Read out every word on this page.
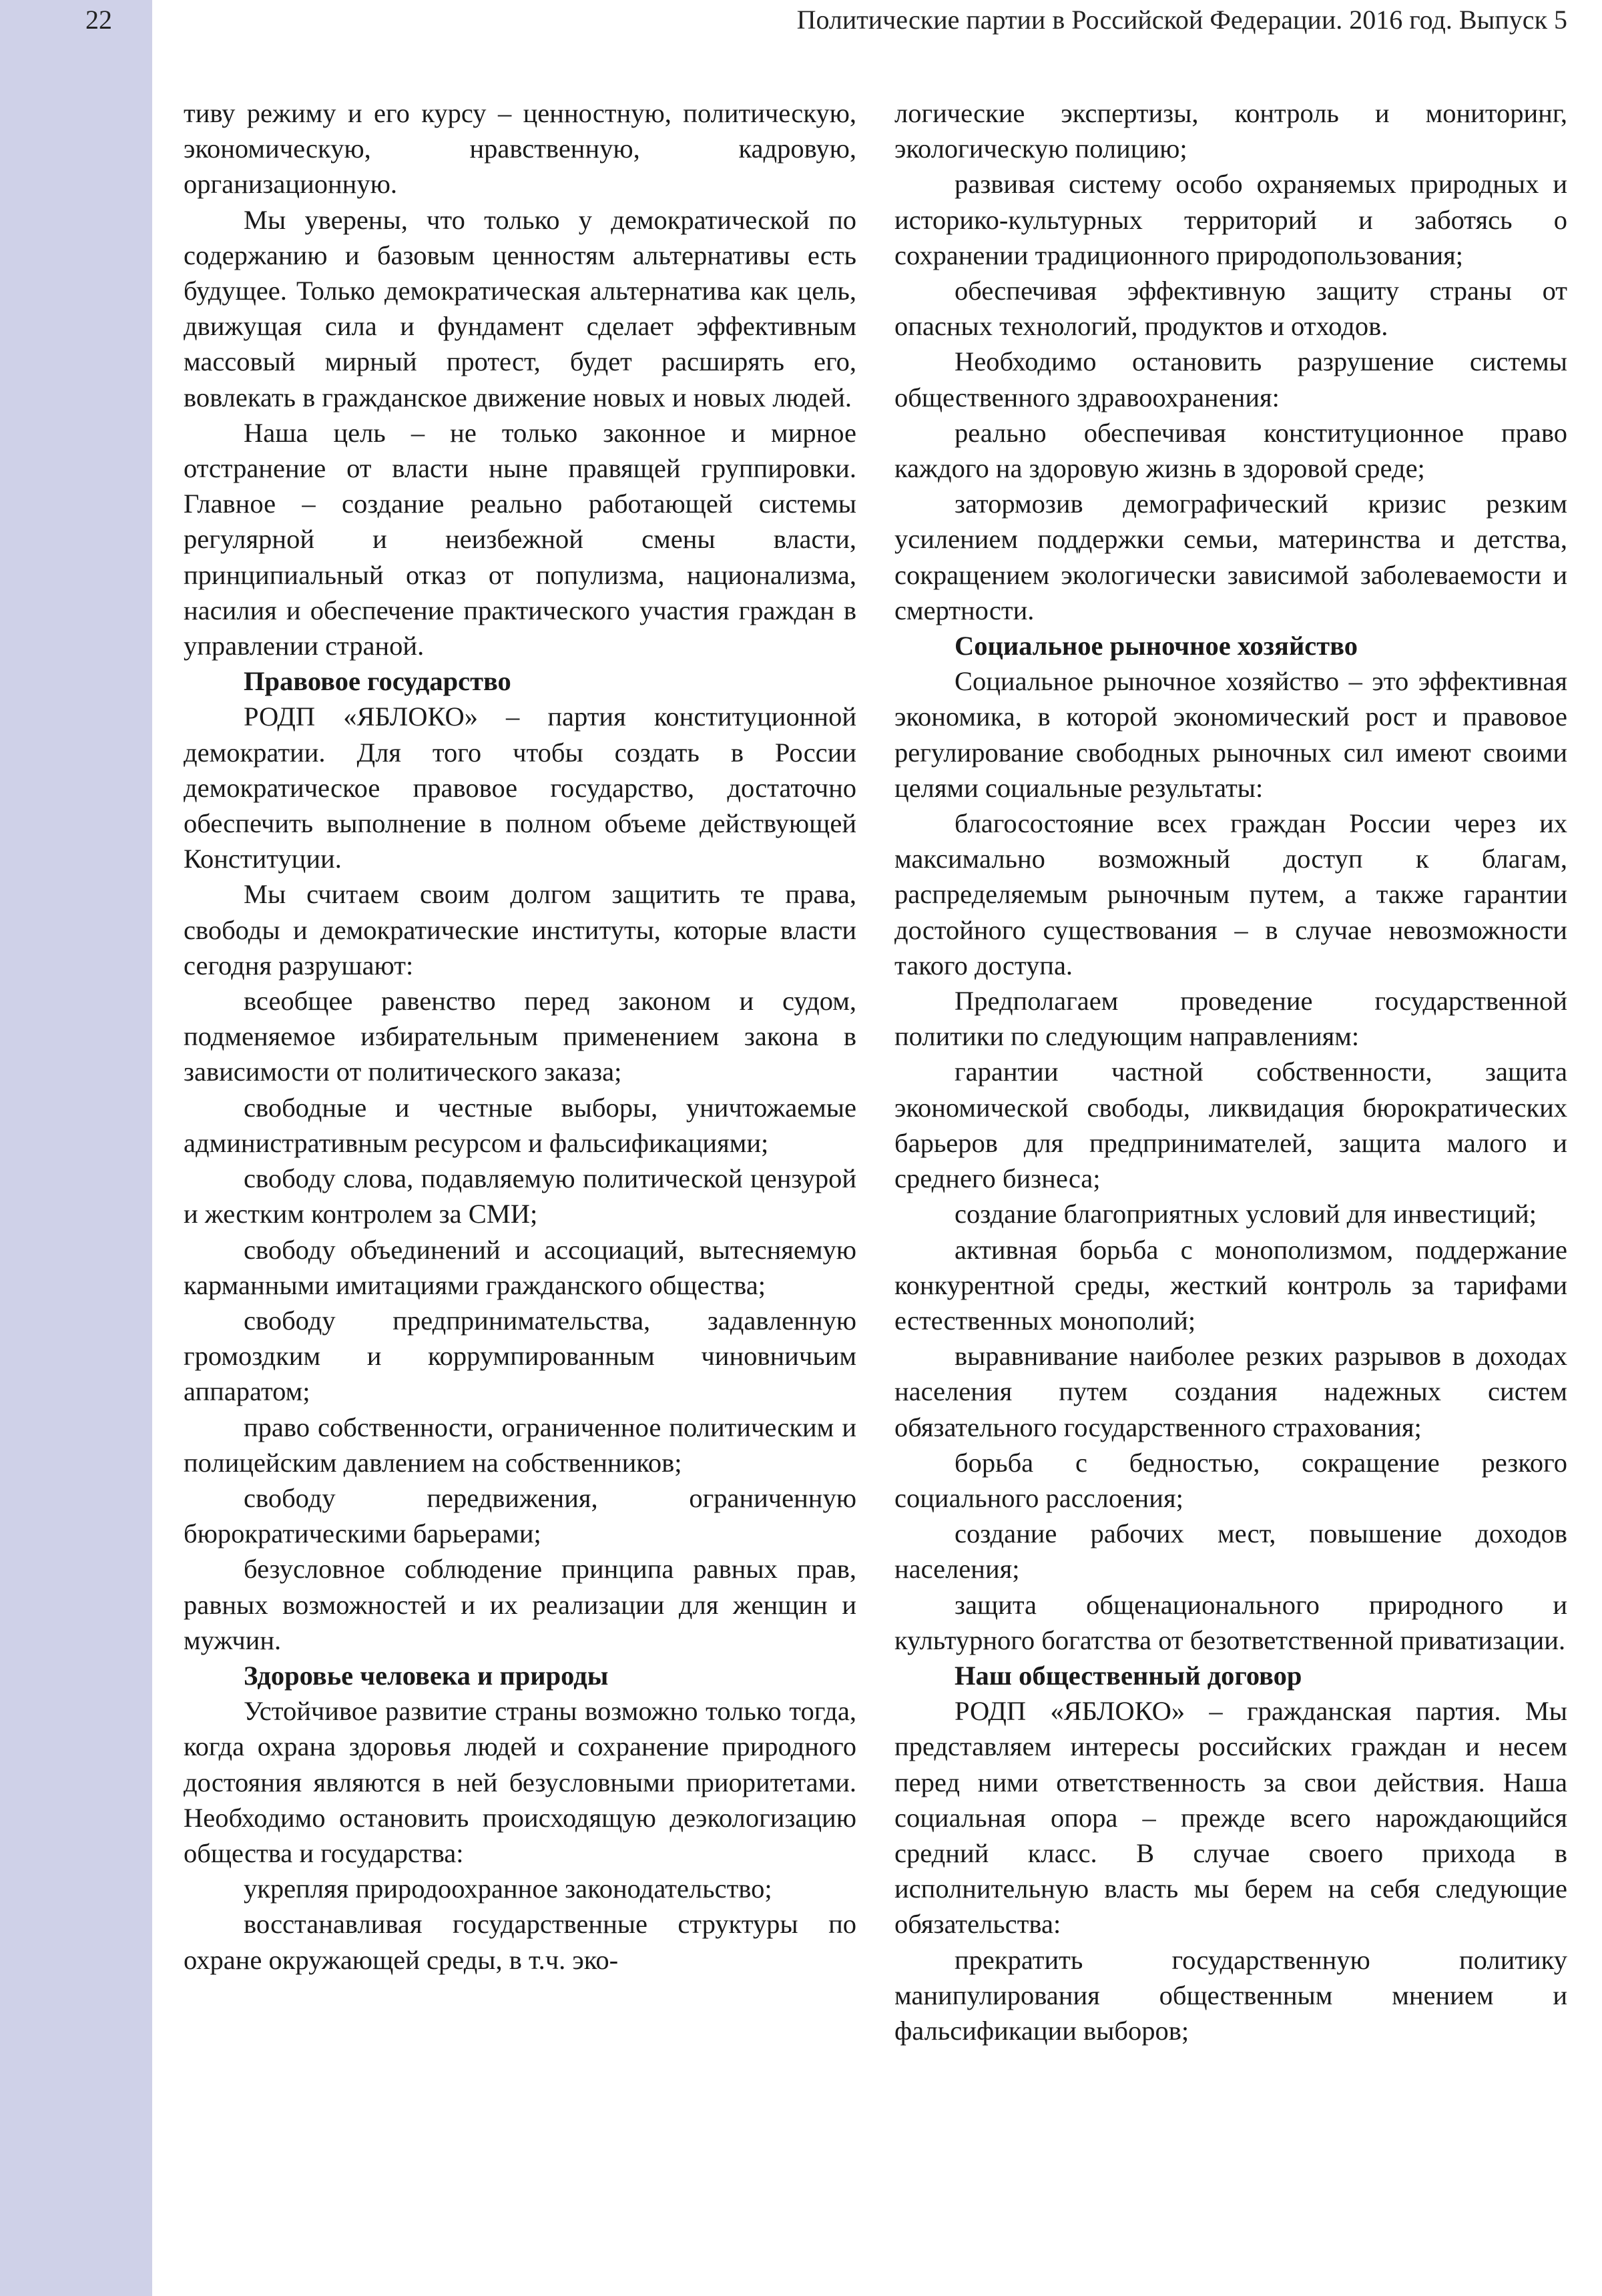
22	Политические партии в Российской Федерации. 2016 год. Выпуск 5

тиву режиму и его курсу – ценностную, политическую, экономическую, нравственную, кадровую, организационную.

Мы уверены, что только у демократической по содержанию и базовым ценностям альтернативы есть будущее. Только демократическая альтернатива как цель, движущая сила и фундамент сделает эффективным массовый мирный протест, будет расширять его, вовлекать в гражданское движение новых и новых людей.

Наша цель – не только законное и мирное отстранение от власти ныне правящей группировки. Главное – создание реально работающей системы регулярной и неизбежной смены власти, принципиальный отказ от популизма, национализма, насилия и обеспечение практического участия граждан в управлении страной.

Правовое государство

РОДП «ЯБЛОКО» – партия конституционной демократии. Для того чтобы создать в России демократическое правовое государство, достаточно обеспечить выполнение в полном объеме действующей Конституции.

Мы считаем своим долгом защитить те права, свободы и демократические институты, которые власти сегодня разрушают:

всеобщее равенство перед законом и судом, подменяемое избирательным применением закона в зависимости от политического заказа;

свободные и честные выборы, уничтожаемые административным ресурсом и фальсификациями;

свободу слова, подавляемую политической цензурой и жестким контролем за СМИ;

свободу объединений и ассоциаций, вытесняемую карманными имитациями гражданского общества;

свободу предпринимательства, задавленную громоздким и коррумпированным чиновничьим аппаратом;

право собственности, ограниченное политическим и полицейским давлением на собственников;

свободу передвижения, ограниченную бюрократическими барьерами;

безусловное соблюдение принципа равных прав, равных возможностей и их реализации для женщин и мужчин.

Здоровье человека и природы

Устойчивое развитие страны возможно только тогда, когда охрана здоровья людей и сохранение природного достояния являются в ней безусловными приоритетами. Необходимо остановить происходящую деэкологизацию общества и государства:

укрепляя природоохранное законодательство;

восстанавливая государственные структуры по охране окружающей среды, в т.ч. эко-

логические экспертизы, контроль и мониторинг, экологическую полицию;

развивая систему особо охраняемых природных и историко-культурных территорий и заботясь о сохранении традиционного природопользования;

обеспечивая эффективную защиту страны от опасных технологий, продуктов и отходов.

Необходимо остановить разрушение системы общественного здравоохранения:

реально обеспечивая конституционное право каждого на здоровую жизнь в здоровой среде;

затормозив демографический кризис резким усилением поддержки семьи, материнства и детства, сокращением экологически зависимой заболеваемости и смертности.

Социальное рыночное хозяйство

Социальное рыночное хозяйство – это эффективная экономика, в которой экономический рост и правовое регулирование свободных рыночных сил имеют своими целями социальные результаты:

благосостояние всех граждан России через их максимально возможный доступ к благам, распределяемым рыночным путем, а также гарантии достойного существования – в случае невозможности такого доступа.

Предполагаем проведение государственной политики по следующим направлениям:

гарантии частной собственности, защита экономической свободы, ликвидация бюрократических барьеров для предпринимателей, защита малого и среднего бизнеса;

создание благоприятных условий для инвестиций;

активная борьба с монополизмом, поддержание конкурентной среды, жесткий контроль за тарифами естественных монополий;

выравнивание наиболее резких разрывов в доходах населения путем создания надежных систем обязательного государственного страхования;

борьба с бедностью, сокращение резкого социального расслоения;

создание рабочих мест, повышение доходов населения;

защита общенационального природного и культурного богатства от безответственной приватизации.

Наш общественный договор

РОДП «ЯБЛОКО» – гражданская партия. Мы представляем интересы российских граждан и несем перед ними ответственность за свои действия. Наша социальная опора – прежде всего нарождающийся средний класс. В случае своего прихода в исполнительную власть мы берем на себя следующие обязательства:

прекратить государственную политику манипулирования общественным мнением и фальсификации выборов;
